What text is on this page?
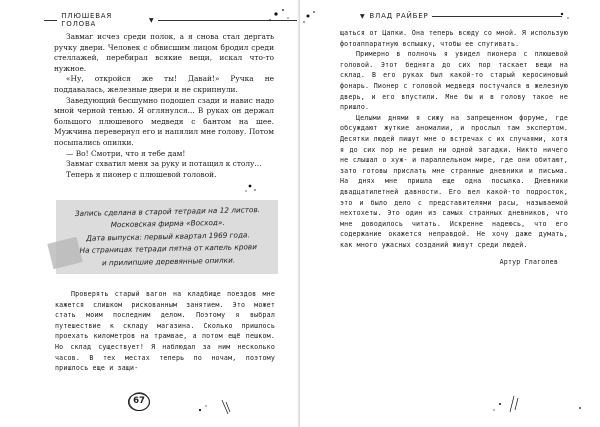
ПЛЮШЕВАЯ ГОЛОВА	▼

Завмаг исчез среди полок, а я снова стал дергать ручку двери. Человек с обвисшим лицом бродил среди стеллажей, перебирал всякие вещи, искал что-то нужное.

«Ну, откройся же ты! Давай!» Ручка не поддавалась, железные двери и не скрипнули.

Заведующий бесшумно подошел сзади и навис надо мной черной тенью. Я оглянулся... В руках он держал большого плюшевого медведя с бантом на шее. Мужчина перевернул его и напялил мне голову. Потом посыпались опилки.

— Во! Смотри, что я тебе дам!

Завмаг схватил меня за руку и потащил к столу...

Теперь я пионер с плюшевой головой.

Запись сделана в старой тетради на 12 листов.

Московская фирма «Восход».

Дата выпуска: первый квартал 1969 года.

На страницах тетради пятна от капель крови

и прилипшие деревянные опилки.

Проверять старый вагон на кладбище поездов мне кажется слишком рискованным занятием. Это может стать моим последним делом. Поэтому я выбрал путешествие к складу магазина. Сколько пришлось проехать километров на трамвае, а потом ещё пешком. Но склад существует! Я наблюдал за ним несколько часов. В тех местах теперь по ночам, поэтому пришлось еще и защи-

67
▼ ВЛАД РАЙБЕР

щаться от Цапки. Она теперь всюду со мной. Я использую фотоаппаратную вспышку, чтобы ее спугивать.

Примерно в полночь я увидел пионера с плюшевой головой. Этот бедняга до сих пор таскает вещи на склад. В его руках был какой-то старый керосиновый фонарь. Пионер с головой медведя постучался в железную дверь, и его впустили. Мне бы и в голову такое не пришло.

Целыми днями я сижу на запрещенном форуме, где обсуждают жуткие аномалии, и прослыл там экспертом. Десятки людей пишут мне о встречах с их случаями, хотя я до сих пор не решил ни одной загадки. Никто ничего не слышал о хуж- и параллельном мире, где они обитают, зато готовы прислать мне странные дневники и письма. На днях мне пришла еще одна посылка. Дневники двадцатилетней давности. Его вел какой-то подросток, это и было дело с представителями расы, называемой нехтохеты. Это один из самых странных дневников, что мне доводилось читать. Искренне надеюсь, что его содержание окажется неправдой. Не хочу даже думать, как много ужасных созданий живут среди людей.

Артур Глаголев
